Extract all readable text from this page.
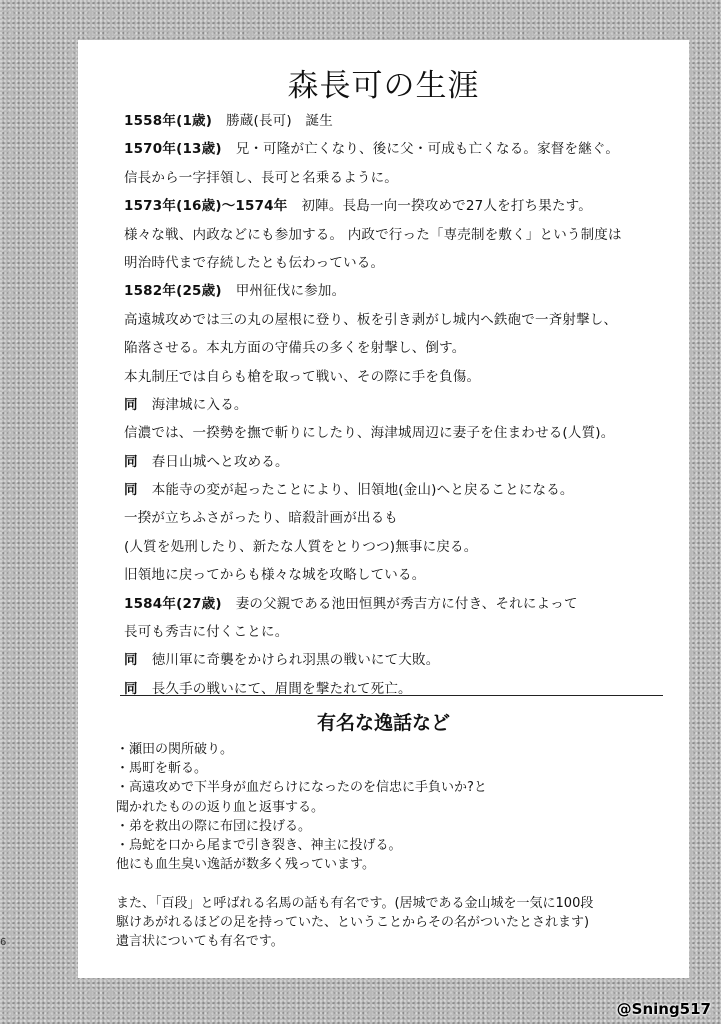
森長可の生涯
1558年(1歳) 勝蔵(長可)　誕生
1570年(13歳) 兄・可隆が亡くなり、後に父・可成も亡くなる。家督を継ぐ。
信長から一字拝領し、長可と名乗るように。
1573年(16歳)〜1574年 初陣。長島一向一揆攻めで27人を打ち果たす。
様々な戦、内政などにも参加する。 内政で行った「専売制を敷く」という制度は
明治時代まで存続したとも伝わっている。
1582年(25歳) 甲州征伐に参加。
高遠城攻めでは三の丸の屋根に登り、板を引き剥がし城内へ鉄砲で一斉射撃し、
陥落させる。本丸方面の守備兵の多くを射撃し、倒す。
本丸制圧では自らも槍を取って戦い、その際に手を負傷。
同 海津城に入る。
信濃では、一揆勢を撫で斬りにしたり、海津城周辺に妻子を住まわせる(人質)。
同 春日山城へと攻める。
同 本能寺の変が起ったことにより、旧領地(金山)へと戻ることになる。
一揆が立ちふさがったり、暗殺計画が出るも
(人質を処刑したり、新たな人質をとりつつ)無事に戻る。
旧領地に戻ってからも様々な城を攻略している。
1584年(27歳) 妻の父親である池田恒興が秀吉方に付き、それによって
長可も秀吉に付くことに。
同 徳川軍に奇襲をかけられ羽黒の戦いにて大敗。
同 長久手の戦いにて、眉間を撃たれて死亡。
有名な逸話など
・瀬田の関所破り。
・馬町を斬る。
・高遠攻めで下半身が血だらけになったのを信忠に手負いか?と
聞かれたものの返り血と返事する。
・弟を救出の際に布団に投げる。
・烏蛇を口から尾まで引き裂き、神主に投げる。
他にも血生臭い逸話が数多く残っています。
また、「百段」と呼ばれる名馬の話も有名です。(居城である金山城を一気に100段
駆けあがれるほどの足を持っていた、ということからその名がついたとされます)
遺言状についても有名です。
6
@Sning517
